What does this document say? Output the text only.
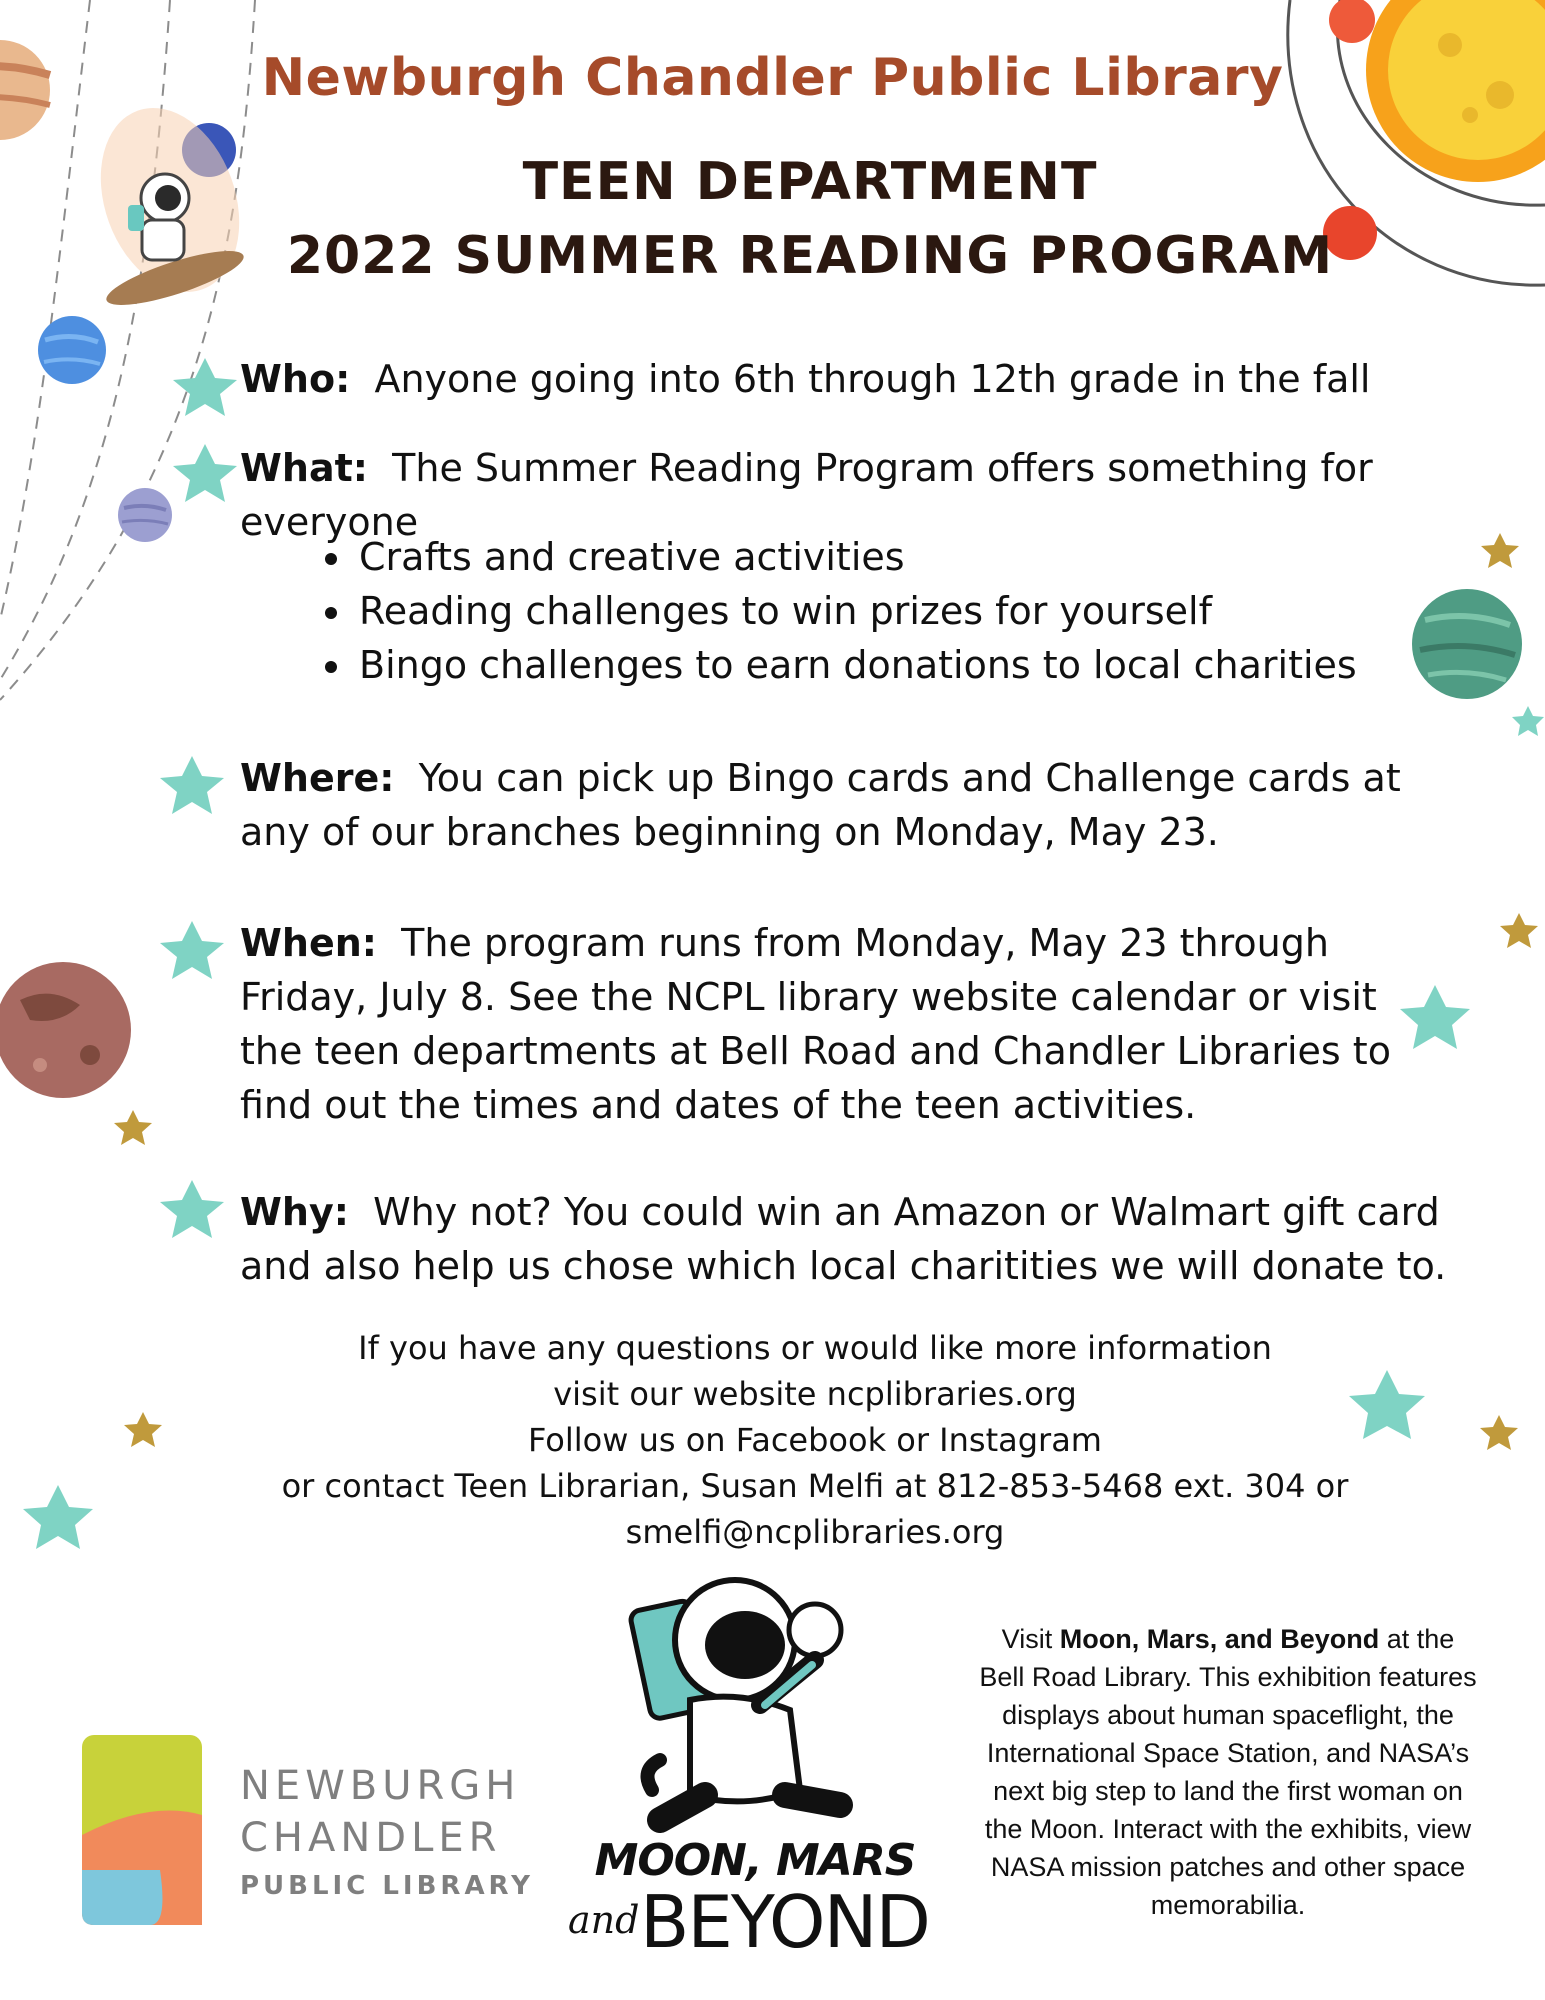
Newburgh Chandler Public Library
TEEN DEPARTMENT
2022 SUMMER READING PROGRAM
Who: Anyone going into 6th through 12th grade in the fall
What: The Summer Reading Program offers something for everyone
• Crafts and creative activities
• Reading challenges to win prizes for yourself
• Bingo challenges to earn donations to local charities
Where: You can pick up Bingo cards and Challenge cards at any of our branches beginning on Monday, May 23.
When: The program runs from Monday, May 23 through Friday, July 8. See the NCPL library website calendar or visit the teen departments at Bell Road and Chandler Libraries to find out the times and dates of the teen activities.
Why: Why not? You could win an Amazon or Walmart gift card and also help us chose which local charitities we will donate to.
If you have any questions or would like more information
visit our website ncplibraries.org
Follow us on Facebook or Instagram
or contact Teen Librarian, Susan Melfi at 812-853-5468 ext. 304 or
smelfi@ncplibraries.org
NEWBURGH
CHANDLER
PUBLIC LIBRARY	MOON, MARS
and BEYOND
Visit Moon, Mars, and Beyond at the Bell Road Library. This exhibition features displays about human spaceflight, the International Space Station, and NASA’s next big step to land the first woman on the Moon. Interact with the exhibits, view NASA mission patches and other space memorabilia.
